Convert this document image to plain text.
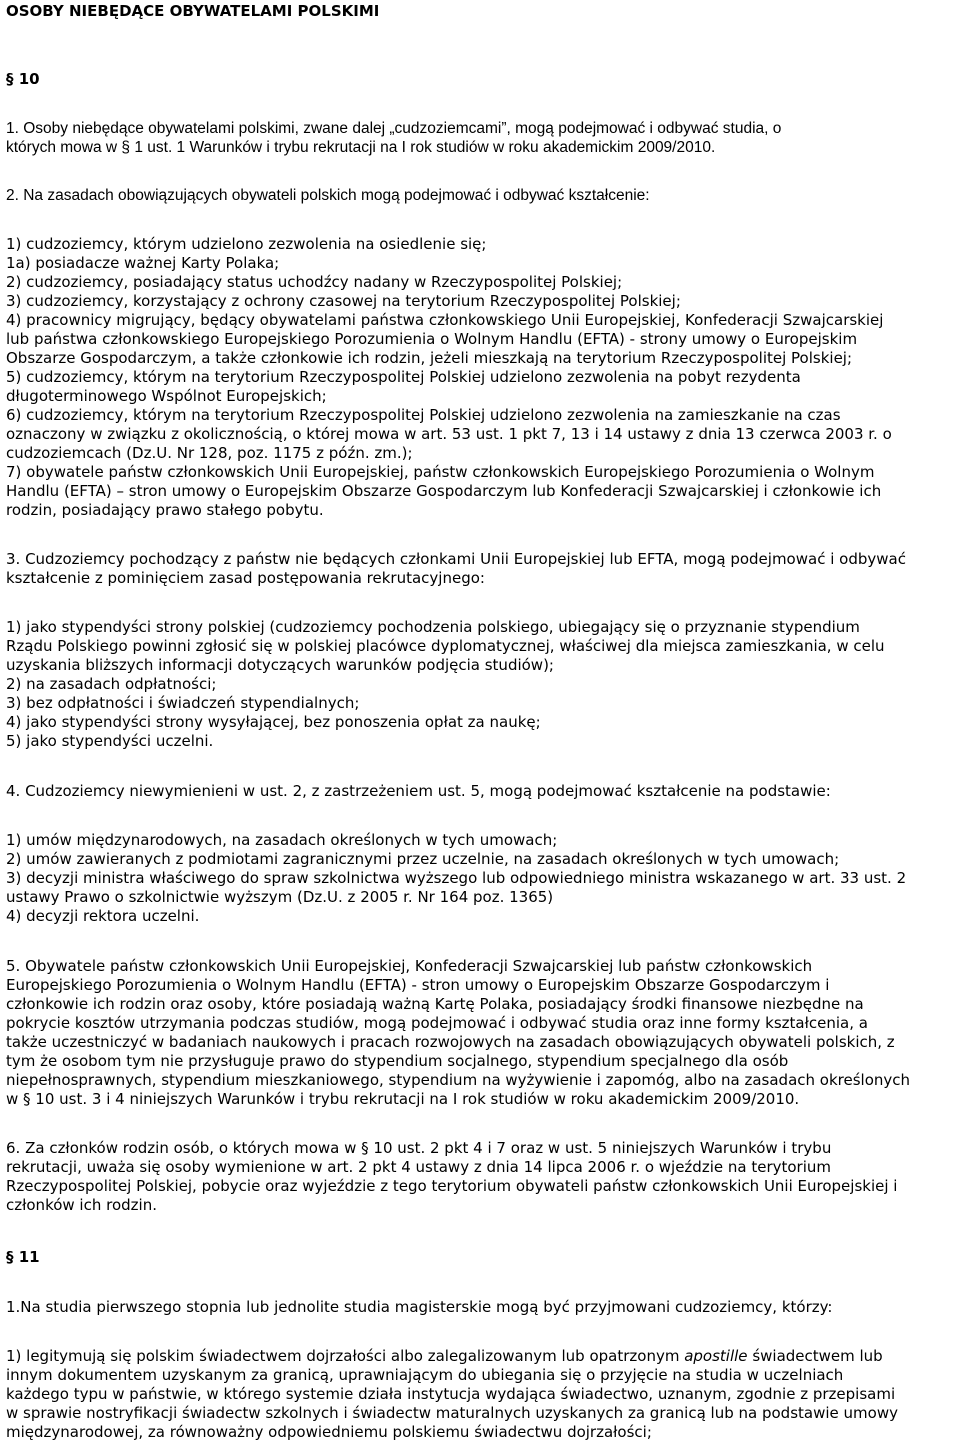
OSOBY NIEBĘDĄCE OBYWATELAMI POLSKIMI
§ 10
1. Osoby niebędące obywatelami polskimi, zwane dalej „cudzoziemcami”, mogą podejmować i odbywać studia, o
których mowa w § 1 ust. 1 Warunków i trybu rekrutacji na I rok studiów w roku akademickim 2009/2010.
2. Na zasadach obowiązujących obywateli polskich mogą podejmować i odbywać kształcenie:
1) cudzoziemcy, którym udzielono zezwolenia na osiedlenie się;
1a) posiadacze ważnej Karty Polaka;
2) cudzoziemcy, posiadający status uchodźcy nadany w Rzeczypospolitej Polskiej;
3) cudzoziemcy, korzystający z ochrony czasowej na terytorium Rzeczypospolitej Polskiej;
4) pracownicy migrujący, będący obywatelami państwa członkowskiego Unii Europejskiej, Konfederacji Szwajcarskiej
lub państwa członkowskiego Europejskiego Porozumienia o Wolnym Handlu (EFTA) - strony umowy o Europejskim
Obszarze Gospodarczym, a także członkowie ich rodzin, jeżeli mieszkają na terytorium Rzeczypospolitej Polskiej;
5) cudzoziemcy, którym na terytorium Rzeczypospolitej Polskiej udzielono zezwolenia na pobyt rezydenta
długoterminowego Wspólnot Europejskich;
6) cudzoziemcy, którym na terytorium Rzeczypospolitej Polskiej udzielono zezwolenia na zamieszkanie na czas
oznaczony w związku z okolicznością, o której mowa w art. 53 ust. 1 pkt 7, 13 i 14 ustawy z dnia 13 czerwca 2003 r. o
cudzoziemcach (Dz.U. Nr 128, poz. 1175 z późn. zm.);
7) obywatele państw członkowskich Unii Europejskiej, państw członkowskich Europejskiego Porozumienia o Wolnym
Handlu (EFTA) – stron umowy o Europejskim Obszarze Gospodarczym lub Konfederacji Szwajcarskiej i członkowie ich
rodzin, posiadający prawo stałego pobytu.
3. Cudzoziemcy pochodzący z państw nie będących członkami Unii Europejskiej lub EFTA, mogą podejmować i odbywać
kształcenie z pominięciem zasad postępowania rekrutacyjnego:
1) jako stypendyści strony polskiej (cudzoziemcy pochodzenia polskiego, ubiegający się o przyznanie stypendium
Rządu Polskiego powinni zgłosić się w polskiej placówce dyplomatycznej, właściwej dla miejsca zamieszkania, w celu
uzyskania bliższych informacji dotyczących warunków podjęcia studiów);
2) na zasadach odpłatności;
3) bez odpłatności i świadczeń stypendialnych;
4) jako stypendyści strony wysyłającej, bez ponoszenia opłat za naukę;
5) jako stypendyści uczelni.
4. Cudzoziemcy niewymienieni w ust. 2, z zastrzeżeniem ust. 5, mogą podejmować kształcenie na podstawie:
1) umów międzynarodowych, na zasadach określonych w tych umowach;
2) umów zawieranych z podmiotami zagranicznymi przez uczelnie, na zasadach określonych w tych umowach;
3) decyzji ministra właściwego do spraw szkolnictwa wyższego lub odpowiedniego ministra wskazanego w art. 33 ust. 2
ustawy Prawo o szkolnictwie wyższym (Dz.U. z 2005 r. Nr 164 poz. 1365)
4) decyzji rektora uczelni.
5. Obywatele państw członkowskich Unii Europejskiej, Konfederacji Szwajcarskiej lub państw członkowskich
Europejskiego Porozumienia o Wolnym Handlu (EFTA) - stron umowy o Europejskim Obszarze Gospodarczym i
członkowie ich rodzin oraz osoby, które posiadają ważną Kartę Polaka, posiadający środki finansowe niezbędne na
pokrycie kosztów utrzymania podczas studiów, mogą podejmować i odbywać studia oraz inne formy kształcenia, a
także uczestniczyć w badaniach naukowych i pracach rozwojowych na zasadach obowiązujących obywateli polskich, z
tym że osobom tym nie przysługuje prawo do stypendium socjalnego, stypendium specjalnego dla osób
niepełnosprawnych, stypendium mieszkaniowego, stypendium na wyżywienie i zapomóg, albo na zasadach określonych
w § 10 ust. 3 i 4 niniejszych Warunków i trybu rekrutacji na I rok studiów w roku akademickim 2009/2010.
6. Za członków rodzin osób, o których mowa w § 10 ust. 2 pkt 4 i 7 oraz w ust. 5 niniejszych Warunków i trybu
rekrutacji, uważa się osoby wymienione w art. 2 pkt 4 ustawy z dnia 14 lipca 2006 r. o wjeździe na terytorium
Rzeczypospolitej Polskiej, pobycie oraz wyjeździe z tego terytorium obywateli państw członkowskich Unii Europejskiej i
członków ich rodzin.
§ 11
1.Na studia pierwszego stopnia lub jednolite studia magisterskie mogą być przyjmowani cudzoziemcy, którzy:
1) legitymują się polskim świadectwem dojrzałości albo zalegalizowanym lub opatrzonym apostille świadectwem lub
innym dokumentem uzyskanym za granicą, uprawniającym do ubiegania się o przyjęcie na studia w uczelniach
każdego typu w państwie, w którego systemie działa instytucja wydająca świadectwo, uznanym, zgodnie z przepisami
w sprawie nostryfikacji świadectw szkolnych i świadectw maturalnych uzyskanych za granicą lub na podstawie umowy
międzynarodowej, za równoważny odpowiedniemu polskiemu świadectwu dojrzałości;
